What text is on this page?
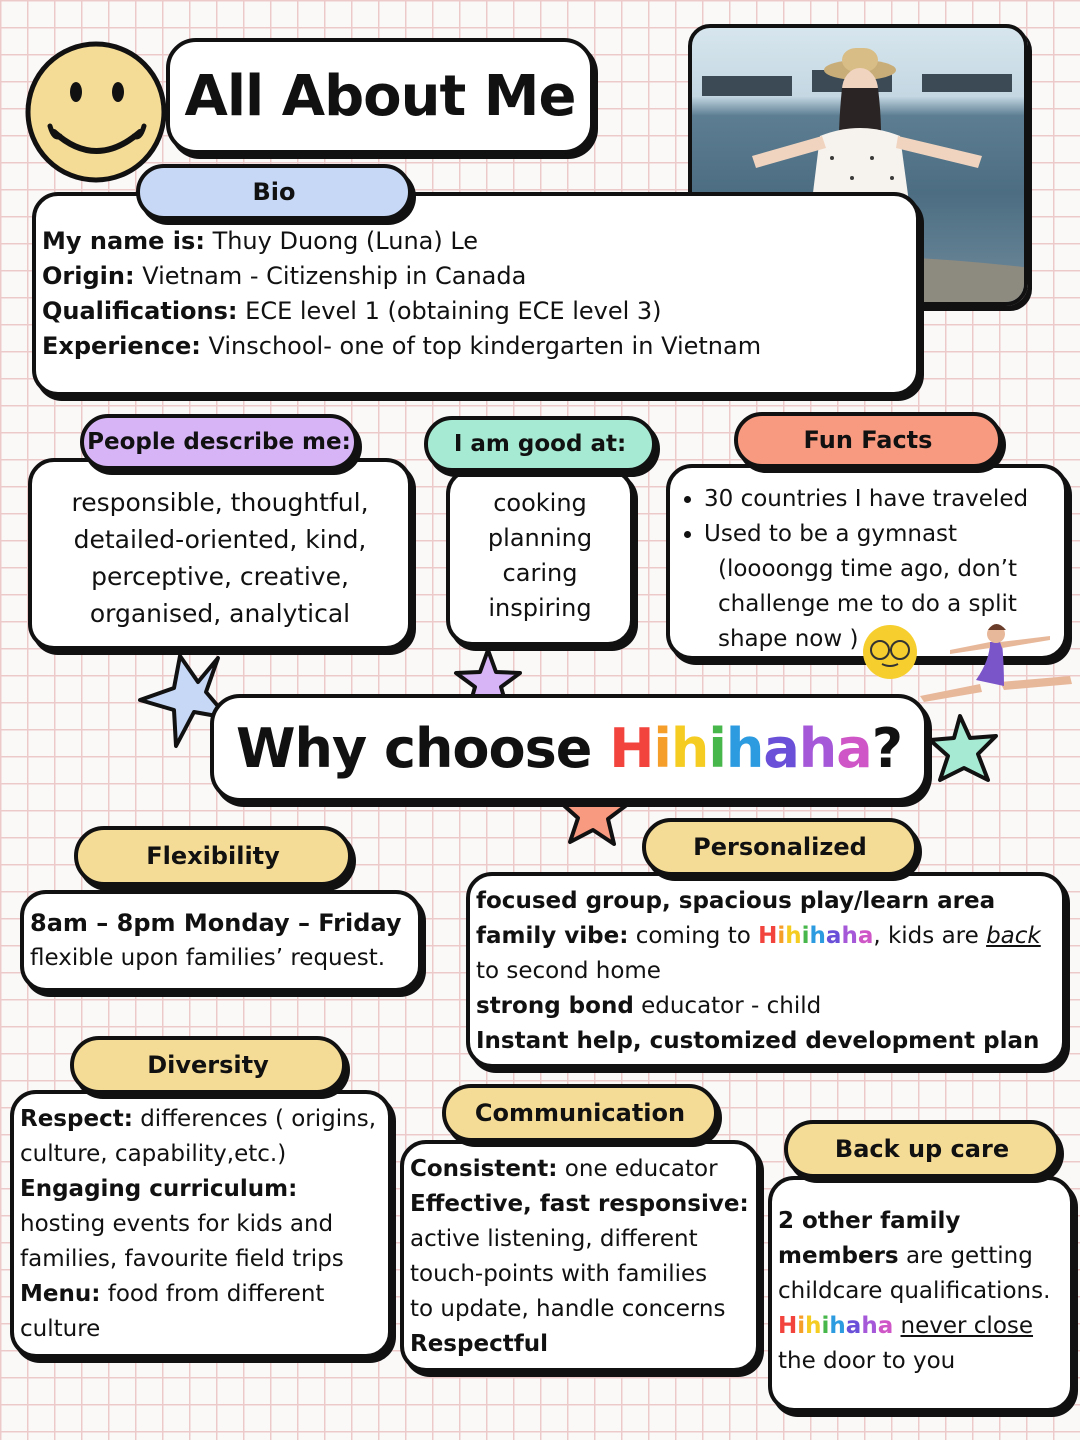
All About Me
My name is: Thuy Duong (Luna) Le
Origin: Vietnam - Citizenship in Canada
Qualifications: ECE level 1 (obtaining ECE level 3)
Experience: Vinschool- one of top kindergarten in Vietnam
Bio
responsible, thoughtful,
detailed-oriented, kind,
perceptive, creative,
organised, analytical
People describe me:
cooking
planning
caring
inspiring
I am good at:
• 30 countries I have traveled
• Used to be a gymnast
(loooongg time ago, don’t
challenge me to do a split
shape now )
Fun Facts
Why choose Hihihaha?
8am – 8pm Monday – Friday
flexible upon families’ request.
Flexibility
focused group, spacious play/learn area
family vibe: coming to Hihihaha, kids are back
to second home
strong bond educator - child
Instant help, customized development plan
Personalized
Respect: differences ( origins,
culture, capability,etc.)
Engaging curriculum:
hosting events for kids and
families, favourite field trips
Menu: food from different
culture
Diversity
Consistent: one educator
Effective, fast responsive:
active listening, different
touch-points with families
to update, handle concerns
Respectful
Communication
2 other family
members are getting
childcare qualifications.
Hihihaha never close
the door to you
Back up care
